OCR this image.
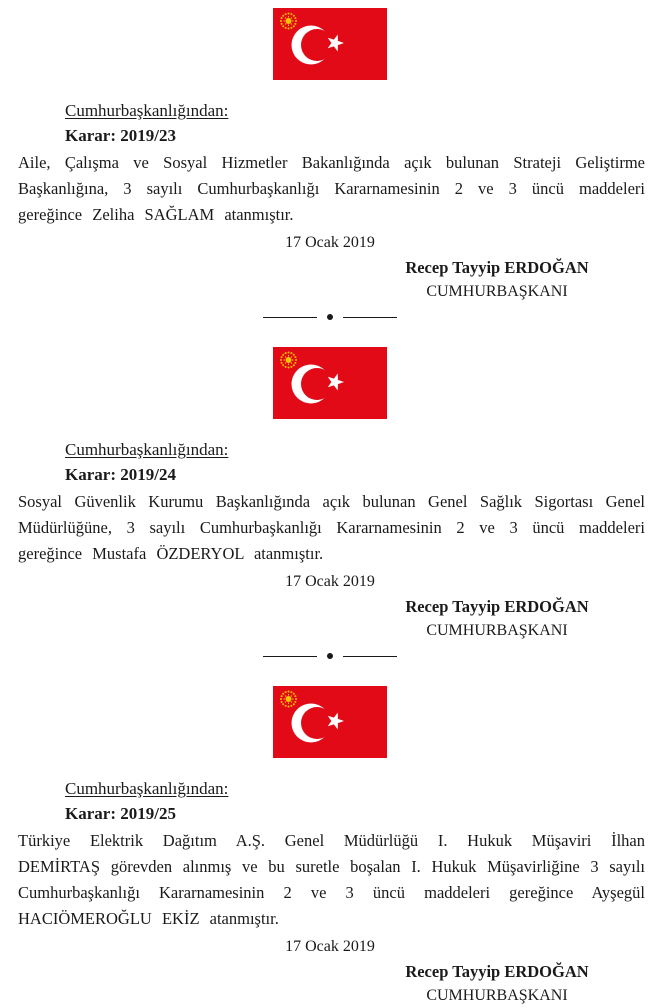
Cumhurbaşkanlığından:
Karar: 2019/23

Aile, Çalışma ve Sosyal Hizmetler Bakanlığında açık bulunan Strateji Geliştirme Başkanlığına, 3 sayılı Cumhurbaşkanlığı Kararnamesinin 2 ve 3 üncü maddeleri gereğince Zeliha SAĞLAM atanmıştır.

17 Ocak 2019
Recep Tayyip ERDOĞAN
CUMHURBAŞKANI
Cumhurbaşkanlığından:
Karar: 2019/24

Sosyal Güvenlik Kurumu Başkanlığında açık bulunan Genel Sağlık Sigortası Genel Müdürlüğüne, 3 sayılı Cumhurbaşkanlığı Kararnamesinin 2 ve 3 üncü maddeleri gereğince Mustafa ÖZDERYOL atanmıştır.

17 Ocak 2019
Recep Tayyip ERDOĞAN
CUMHURBAŞKANI
Cumhurbaşkanlığından:
Karar: 2019/25

Türkiye Elektrik Dağıtım A.Ş. Genel Müdürlüğü I. Hukuk Müşaviri İlhan DEMİRTAŞ görevden alınmış ve bu suretle boşalan I. Hukuk Müşavirliğine 3 sayılı Cumhurbaşkanlığı Kararnamesinin 2 ve 3 üncü maddeleri gereğince Ayşegül HACIÖMEROĞLU EKİZ atanmıştır.

17 Ocak 2019
Recep Tayyip ERDOĞAN
CUMHURBAŞKANI
